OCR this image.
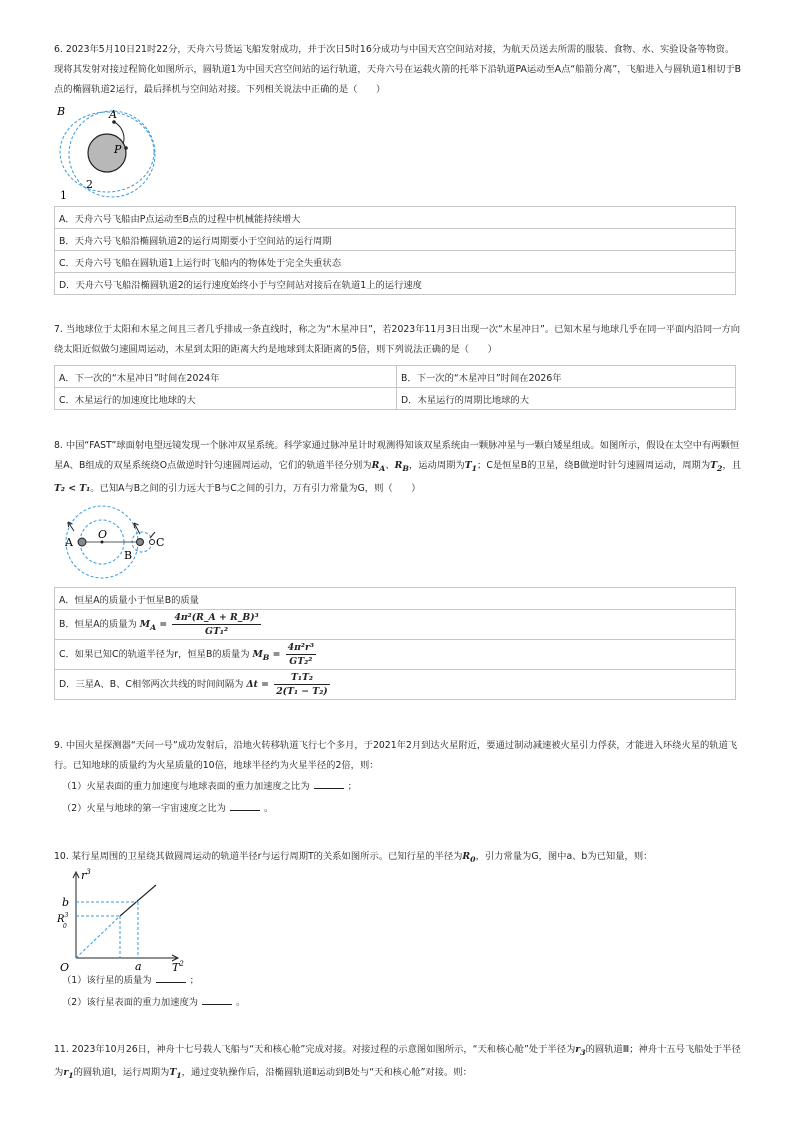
6. 2023年5月10日21时22分，天舟六号货运飞船发射成功，并于次日5时16分成功与中国天宫空间站对接，为航天员送去所需的服装、食物、水、实验设备等物资。现将其发射对接过程简化如图所示，圆轨道1为中国天宫空间站的运行轨道，天舟六号在运载火箭的托举下沿轨道PA运动至A点“船箭分离”，飞船进入与圆轨道1相切于B点的椭圆轨道2运行，最后择机与空间站对接。下列相关说法中正确的是（　　）

B	A
P
2
1
A．天舟六号飞船由P点运动至B点的过程中机械能持续增大
B．天舟六号飞船沿椭圆轨道2的运行周期要小于空间站的运行周期
C．天舟六号飞船在圆轨道1上运行时飞船内的物体处于完全失重状态
D．天舟六号飞船沿椭圆轨道2的运行速度始终小于与空间站对接后在轨道1上的运行速度

7. 当地球位于太阳和木星之间且三者几乎排成一条直线时，称之为“木星冲日”，若2023年11月3日出现一次“木星冲日”。已知木星与地球几乎在同一平面内沿同一方向绕太阳近似做匀速圆周运动，木星到太阳的距离大约是地球到太阳距离的5倍，则下列说法正确的是（　　）

A．下一次的“木星冲日”时间在2024年	B．下一次的“木星冲日”时间在2026年
C．木星运行的加速度比地球的大	D．木星运行的周期比地球的大

8. 中国“FAST”球面射电望远镜发现一个脉冲双星系统。科学家通过脉冲星计时观测得知该双星系统由一颗脉冲星与一颗白矮星组成。如图所示，假设在太空中有两颗恒星A、B组成的双星系统绕O点做逆时针匀速圆周运动，它们的轨道半径分别为$R_A$、$R_B$，运动周期为$T_1$；C是恒星B的卫星，绕B做逆时针匀速圆周运动，周期为$T_2$，且T₂ < T₁。已知A与B之间的引力远大于B与C之间的引力，万有引力常量为G，则（　　）

A
O
B
C
A．恒星A的质量小于恒星B的质量
B．恒星A的质量为 $M_A = \frac{\text{4π²(R\_A + R\_B)³}}{\text{GT₁²}}$

C．如果已知C的轨道半径为r，恒星B的质量为 $M_B = \frac{\text{4π²r³}}{\text{GT₂²}}$

D．三星A、B、C相邻两次共线的时间间隔为 $\Delta t = \frac{\text{T₁T₂}}{\text{2(T₁ − T₂)}}$

9. 中国火星探测器“天问一号”成功发射后，沿地火转移轨道飞行七个多月，于2021年2月到达火星附近，要通过制动减速被火星引力俘获，才能进入环绕火星的轨道飞行。已知地球的质量约为火星质量的10倍，地球半径约为火星半径的2倍，则：

（1）火星表面的重力加速度与地球表面的重力加速度之比为	；
（2）火星与地球的第一宇宙速度之比为	。

10. 某行星周围的卫星绕其做圆周运动的轨道半径r与运行周期T的关系如图所示。已知行星的半径为$R_0$，引力常量为G，图中a、b为已知量，则：

$r^3$
b
$R^3$
0
O	a	$T^2$
（1）该行星的质量为	；
（2）该行星表面的重力加速度为	。

11. 2023年10月26日，神舟十七号载人飞船与“天和核心舱”完成对接。对接过程的示意图如图所示，“天和核心舱”处于半径为$r_3$的圆轨道Ⅲ；神舟十五号飞船处于半径为$r_1$的圆轨道Ⅰ，运行周期为$T_1$，通过变轨操作后，沿椭圆轨道Ⅱ运动到B处与“天和核心舱”对接。则：
